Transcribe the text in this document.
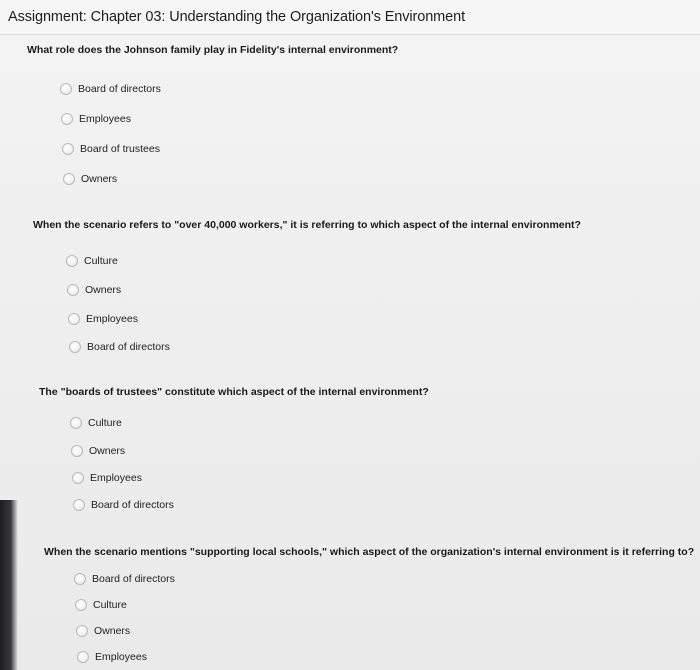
Assignment: Chapter 03: Understanding the Organization's Environment
What role does the Johnson family play in Fidelity's internal environment?
Board of directors
Employees
Board of trustees
Owners
When the scenario refers to "over 40,000 workers," it is referring to which aspect of the internal environment?
Culture
Owners
Employees
Board of directors
The "boards of trustees" constitute which aspect of the internal environment?
Culture
Owners
Employees
Board of directors
When the scenario mentions "supporting local schools," which aspect of the organization's internal environment is it referring to?
Board of directors
Culture
Owners
Employees
